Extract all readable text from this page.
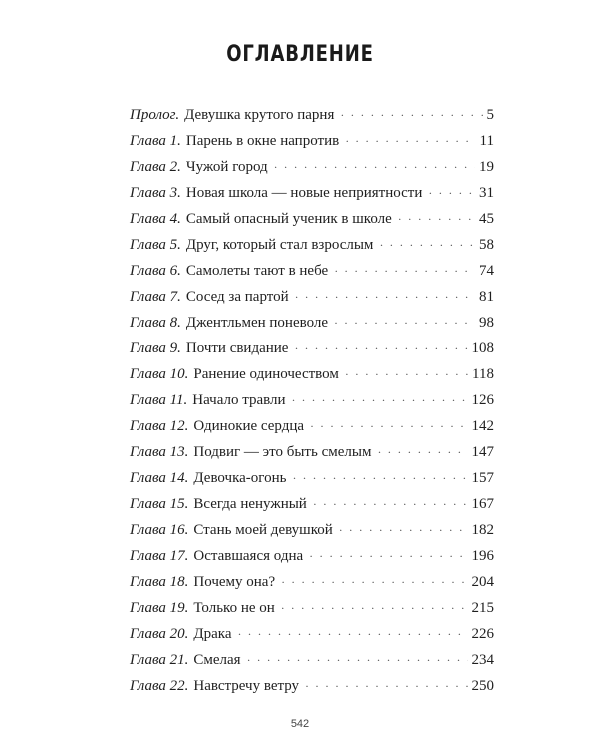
ОГЛАВЛЕНИЕ
Пролог. Девушка крутого парня · · ·	5
Глава 1. Парень в окне напротив · · ·	11
Глава 2. Чужой город · · ·	19
Глава 3. Новая школа — новые неприятности · · ·	31
Глава 4. Самый опасный ученик в школе · · ·	45
Глава 5. Друг, который стал взрослым · · ·	58
Глава 6. Самолеты тают в небе · · ·	74
Глава 7. Сосед за партой · · ·	81
Глава 8. Джентльмен поневоле · · ·	98
Глава 9. Почти свидание · · ·	108
Глава 10. Ранение одиночеством · · ·	118
Глава 11. Начало травли · · ·	126
Глава 12. Одинокие сердца · · ·	142
Глава 13. Подвиг — это быть смелым · · ·	147
Глава 14. Девочка-огонь · · ·	157
Глава 15. Всегда ненужный · · ·	167
Глава 16. Стань моей девушкой · · ·	182
Глава 17. Оставшаяся одна · · ·	196
Глава 18. Почему она? · · ·	204
Глава 19. Только не он · · ·	215
Глава 20. Драка · · ·	226
Глава 21. Смелая · · ·	234
Глава 22. Навстречу ветру · · ·	250
542
